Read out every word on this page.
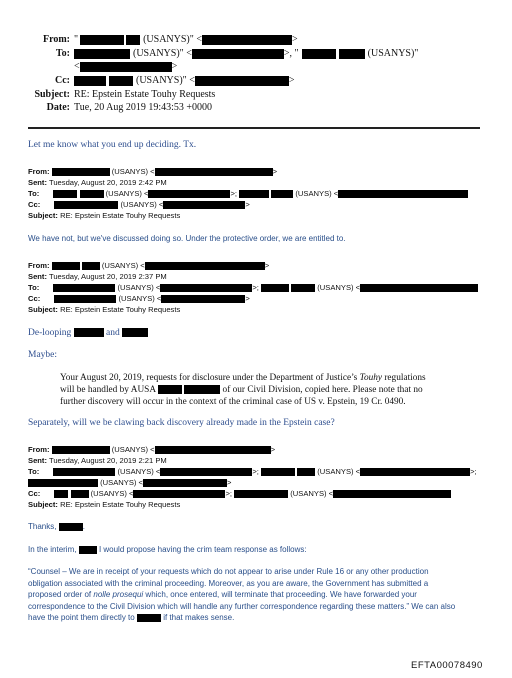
From: "	(USANYS)" <	>
To:	(USANYS)" <	>, "	(USANYS)"
<	>
Cc:	(USANYS)" <	>
Subject: RE: Epstein Estate Touhy Requests
Date: Tue, 20 Aug 2019 19:43:53 +0000
Let me know what you end up deciding. Tx.
From:	(USANYS) <	>
Sent: Tuesday, August 20, 2019 2:42 PM
To:	(USANYS) <	>;	(USANYS) <
Cc:	(USANYS) <	>
Subject: RE: Epstein Estate Touhy Requests
We have not, but we've discussed doing so. Under the protective order, we are entitled to.
From:	(USANYS) <	>
Sent: Tuesday, August 20, 2019 2:37 PM
To:	(USANYS) <	>;	(USANYS) <
Cc:	(USANYS) <	>
Subject: RE: Epstein Estate Touhy Requests
De-looping	and
Maybe:
Your August 20, 2019, requests for disclosure under the Department of Justice’s Touhy regulations
will be handled by AUSA	of our Civil Division, copied here. Please note that no
further discovery will occur in the context of the criminal case of US v. Epstein, 19 Cr. 0490.
Separately, will we be clawing back discovery already made in the Epstein case?
From:	(USANYS) <	>
Sent: Tuesday, August 20, 2019 2:21 PM
To:	(USANYS) <	>;	(USANYS) <	>;
(USANYS) <	>
Cc:	(USANYS) <	>;	(USANYS) <
Subject: RE: Epstein Estate Touhy Requests
Thanks,	.
In the interim,	I would propose having the crim team response as follows:
“Counsel – We are in receipt of your requests which do not appear to arise under Rule 16 or any other production
obligation associated with the criminal proceeding. Moreover, as you are aware, the Government has submitted a
proposed order of nolle prosequi which, once entered, will terminate that proceeding. We have forwarded your
correspondence to the Civil Division which will handle any further correspondence regarding these matters.” We can also
have the point them directly to	if that makes sense.
EFTA00078490
